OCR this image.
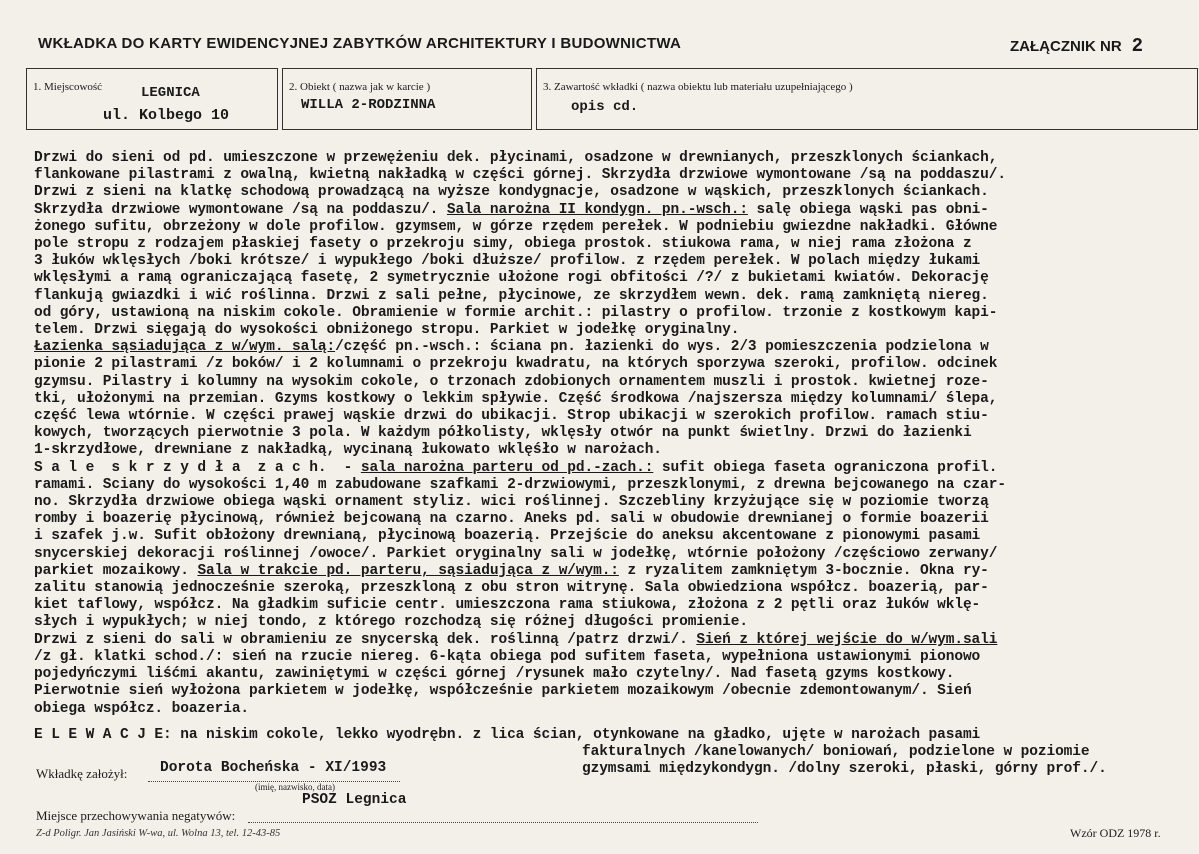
WKŁADKA DO KARTY EWIDENCYJNEJ ZABYTKÓW ARCHITEKTURY I BUDOWNICTWA	ZAŁĄCZNIK NR 2
1. Miejscowość	LEGNICA
ul. Kolbego 10
2. Obiekt ( nazwa jak w karcie )
WILLA 2-RODZINNA
3. Zawartość wkładki ( nazwa obiektu lub materiału uzupełniającego )
opis cd.
Drzwi do sieni od pd. umieszczone w przewężeniu dek. płycinami, osadzone w drewnianych, przeszklonych ściankach,
flankowane pilastrami z owalną, kwietną nakładką w części górnej. Skrzydła drzwiowe wymontowane /są na poddaszu/.
Drzwi z sieni na klatkę schodową prowadzącą na wyższe kondygnacje, osadzone w wąskich, przeszklonych ściankach.
Skrzydła drzwiowe wymontowane /są na poddaszu/. Sala narożna II kondygn. pn.-wsch.: salę obiega wąski pas obni-
żonego sufitu, obrzeżony w dole profilow. gzymsem, w górze rzędem perełek. W podniebiu gwiezdne nakładki. Główne
pole stropu z rodzajem płaskiej fasety o przekroju simy, obiega prostok. stiukowa rama, w niej rama złożona z
3 łuków wklęsłych /boki krótsze/ i wypukłego /boki dłuższe/ profilow. z rzędem perełek. W polach między łukami
wklęsłymi a ramą ograniczającą fasetę, 2 symetrycznie ułożone rogi obfitości /?/ z bukietami kwiatów. Dekorację
flankują gwiazdki i wić roślinna. Drzwi z sali pełne, płycinowe, ze skrzydłem wewn. dek. ramą zamkniętą niereg.
od góry, ustawioną na niskim cokole. Obramienie w formie archit.: pilastry o profilow. trzonie z kostkowym kapi-
telem. Drzwi sięgają do wysokości obniżonego stropu. Parkiet w jodełkę oryginalny.
Łazienka sąsiadująca z w/wym. salą:/część pn.-wsch.: ściana pn. łazienki do wys. 2/3 pomieszczenia podzielona w
pionie 2 pilastrami /z boków/ i 2 kolumnami o przekroju kwadratu, na których sporzywa szeroki, profilow. odcinek
gzymsu. Pilastry i kolumny na wysokim cokole, o trzonach zdobionych ornamentem muszli i prostok. kwietnej roze-
tki, ułożonymi na przemian. Gzyms kostkowy o lekkim spływie. Część środkowa /najszersza między kolumnami/ ślepa,
część lewa wtórnie. W części prawej wąskie drzwi do ubikacji. Strop ubikacji w szerokich profilow. ramach stiu-
kowych, tworzących pierwotnie 3 pola. W każdym półkolisty, wklęsły otwór na punkt świetlny. Drzwi do łazienki
1-skrzydłowe, drewniane z nakładką, wycinaną łukowato wklęśło w narożach.
S a l e  s k r z y d ł a  z a c h.  - sala narożna parteru od pd.-zach.: sufit obiega faseta ograniczona profil.
ramami. Sciany do wysokości 1,40 m zabudowane szafkami 2-drzwiowymi, przeszklonymi, z drewna bejcowanego na czar-
no. Skrzydła drzwiowe obiega wąski ornament styliz. wici roślinnej. Szczebliny krzyżujące się w poziomie tworzą
romby i boazerię płycinową, również bejcowaną na czarno. Aneks pd. sali w obudowie drewnianej o formie boazerii
i szafek j.w. Sufit obłożony drewnianą, płycinową boazerią. Przejście do aneksu akcentowane z pionowymi pasami
snycerskiej dekoracji roślinnej /owoce/. Parkiet oryginalny sali w jodełkę, wtórnie położony /częściowo zerwany/
parkiet mozaikowy. Sala w trakcie pd. parteru, sąsiadująca z w/wym.: z ryzalitem zamkniętym 3-bocznie. Okna ry-
zalitu stanowią jednocześnie szeroką, przeszkloną z obu stron witrynę. Sala obwiedziona współcz. boazerią, par-
kiet taflowy, współcz. Na gładkim suficie centr. umieszczona rama stiukowa, złożona z 2 pętli oraz łuków wklę-
słych i wypukłych; w niej tondo, z którego rozchodzą się różnej długości promienie.
Drzwi z sieni do sali w obramieniu ze snycerską dek. roślinną /patrz drzwi/. Sień z której wejście do w/wym.sali
/z gł. klatki schod./: sień na rzucie niereg. 6-kąta obiega pod sufitem faseta, wypełniona ustawionymi pionowo
pojedyńczymi liśćmi akantu, zawiniętymi w części górnej /rysunek mało czytelny/. Nad fasetą gzyms kostkowy.
Pierwotnie sień wyłożona parkietem w jodełkę, współcześnie parkietem mozaikowym /obecnie zdemontowanym/. Sień
obiega współcz. boazeria.
E L E W A C J E: na niskim cokole, lekko wyodrębn. z lica ścian, otynkowane na gładko, ujęte w narożach pasami
fakturalnych /kanelowanych/ boniowań, podzielone w poziomie
gzymsami międzykondygn. /dolny szeroki, płaski, górny prof./.
Wkładkę założył: Dorota Bocheńska - XI/1993
(imię, nazwisko, data)
PSOZ Legnica
Miejsce przechowywania negatywów:
Z-d Poligr. Jan Jasiński W-wa, ul. Wolna 13, tel. 12-43-85	Wzór ODZ 1978 r.
